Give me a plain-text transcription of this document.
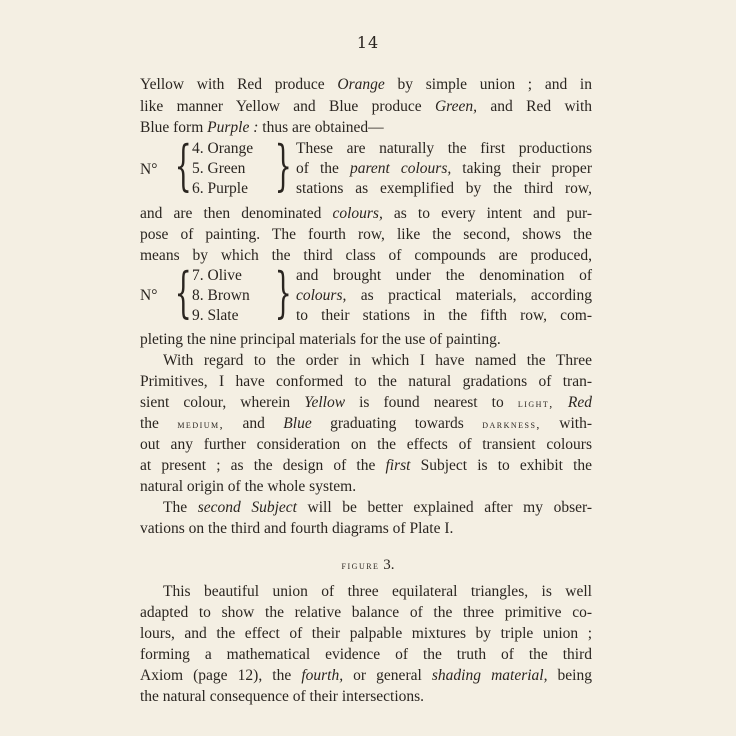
14
Yellow with Red produce Orange by simple union ; and in
like manner Yellow and Blue produce Green, and Red with
Blue form Purple : thus are obtained—
N° { 4. Orange
5. Green
6. Purple } These are naturally the first productions
of the parent colours, taking their proper
stations as exemplified by the third row,
and are then denominated colours, as to every intent and pur-
pose of painting. The fourth row, like the second, shows the
means by which the third class of compounds are produced,
N° { 7. Olive
8. Brown
9. Slate } and brought under the denomination of
colours, as practical materials, according
to their stations in the fifth row, com-
pleting the nine principal materials for the use of painting.
With regard to the order in which I have named the Three
Primitives, I have conformed to the natural gradations of tran-
sient colour, wherein Yellow is found nearest to light, Red
the medium, and Blue graduating towards darkness, with-
out any further consideration on the effects of transient colours
at present ; as the design of the first Subject is to exhibit the
natural origin of the whole system.
The second Subject will be better explained after my obser-
vations on the third and fourth diagrams of Plate I.
figure 3.
This beautiful union of three equilateral triangles, is well
adapted to show the relative balance of the three primitive co-
lours, and the effect of their palpable mixtures by triple union ;
forming a mathematical evidence of the truth of the third
Axiom (page 12), the fourth, or general shading material, being
the natural consequence of their intersections.
